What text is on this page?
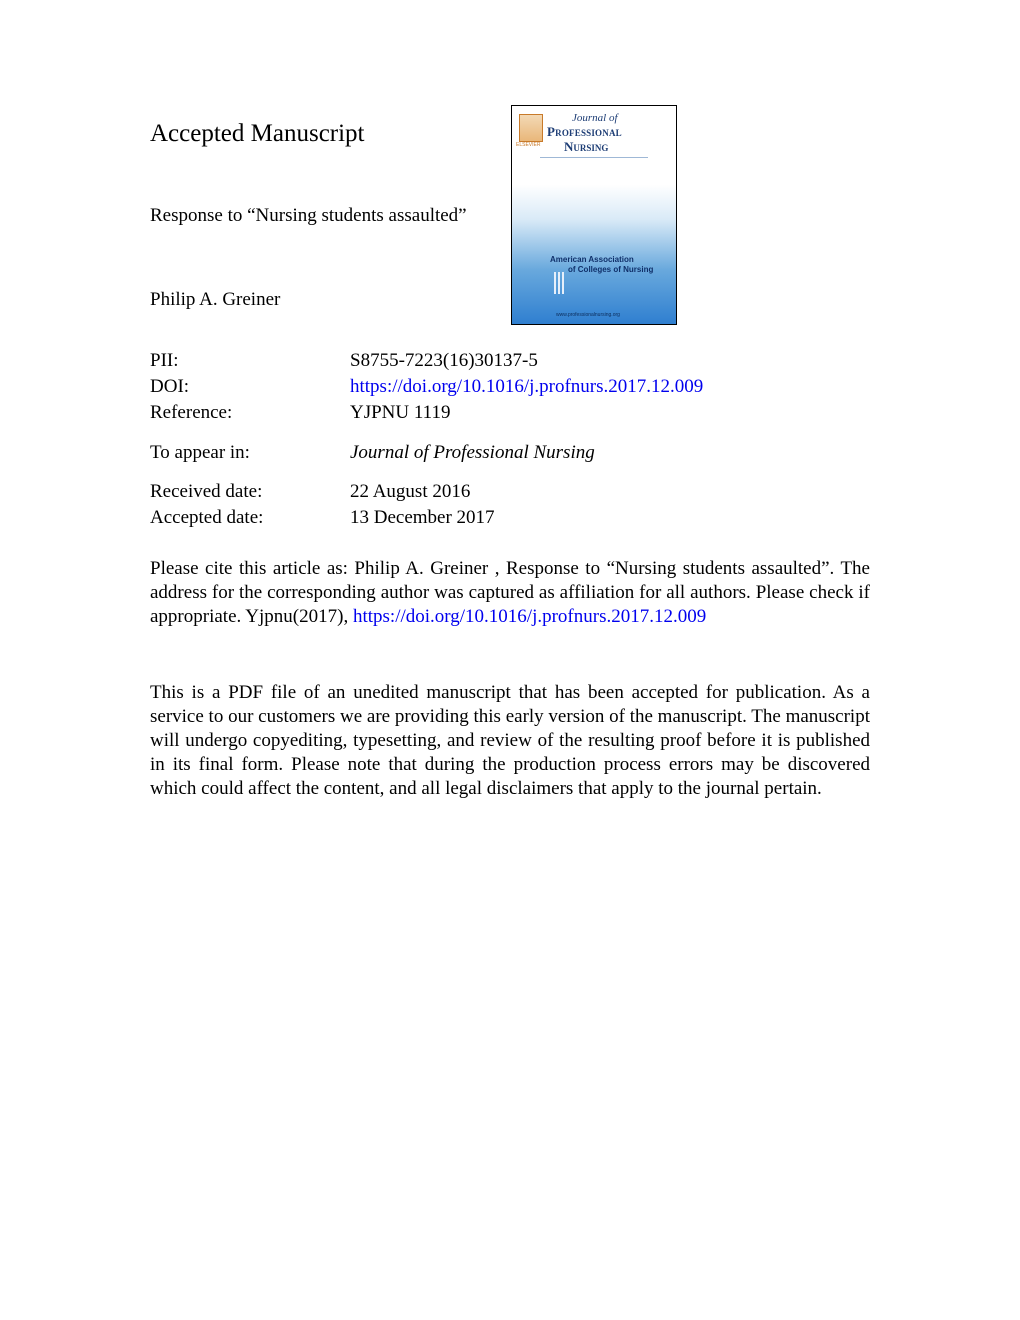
Accepted Manuscript
Response to “Nursing students assaulted”
Philip A. Greiner
ELSEVIER
Journal of
Professional
Nursing
American Association
of Colleges of Nursing
www.professionalnursing.org
PII:	S8755-7223(16)30137-5
DOI:	https://doi.org/10.1016/j.profnurs.2017.12.009
Reference:	YJPNU 1119
To appear in:	Journal of Professional Nursing
Received date:	22 August 2016
Accepted date:	13 December 2017
Please cite this article as: Philip A. Greiner , Response to “Nursing students assaulted”. The address for the corresponding author was captured as affiliation for all authors. Please check if appropriate. Yjpnu(2017), https://doi.org/10.1016/j.profnurs.2017.12.009
This is a PDF file of an unedited manuscript that has been accepted for publication. As a service to our customers we are providing this early version of the manuscript. The manuscript will undergo copyediting, typesetting, and review of the resulting proof before it is published in its final form. Please note that during the production process errors may be discovered which could affect the content, and all legal disclaimers that apply to the journal pertain.
